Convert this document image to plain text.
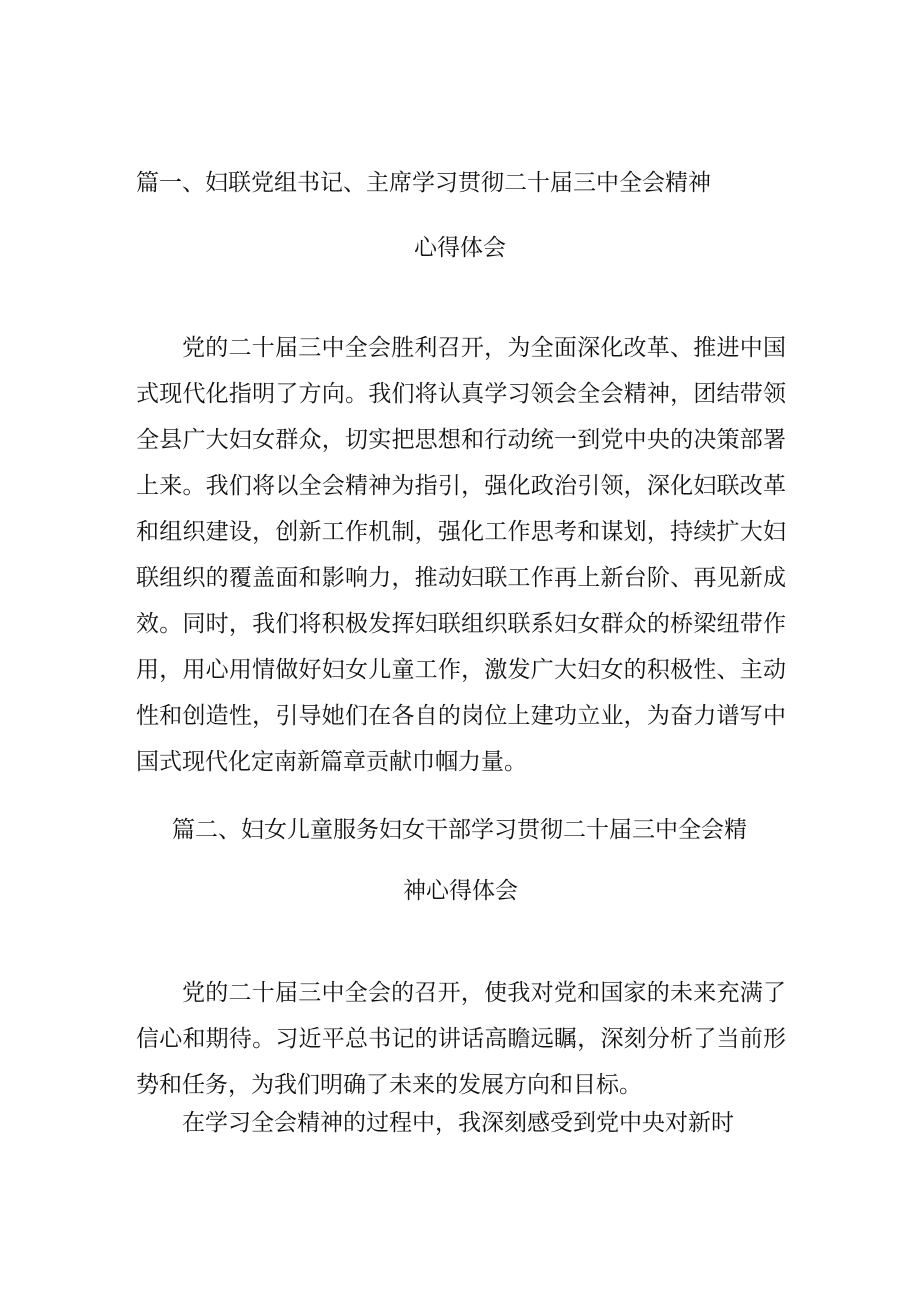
篇一、妇联党组书记、主席学习贯彻二十届三中全会精神
心得体会

党的二十届三中全会胜利召开，为全面深化改革、推进中国式现代化指明了方向。我们将认真学习领会全会精神，团结带领全县广大妇女群众，切实把思想和行动统一到党中央的决策部署上来。我们将以全会精神为指引，强化政治引领，深化妇联改革和组织建设，创新工作机制，强化工作思考和谋划，持续扩大妇联组织的覆盖面和影响力，推动妇联工作再上新台阶、再见新成效。同时，我们将积极发挥妇联组织联系妇女群众的桥梁纽带作用，用心用情做好妇女儿童工作，激发广大妇女的积极性、主动性和创造性，引导她们在各自的岗位上建功立业，为奋力谱写中国式现代化定南新篇章贡献巾帼力量。

篇二、妇女儿童服务妇女干部学习贯彻二十届三中全会精
神心得体会

党的二十届三中全会的召开，使我对党和国家的未来充满了信心和期待。习近平总书记的讲话高瞻远瞩，深刻分析了当前形势和任务，为我们明确了未来的发展方向和目标。

在学习全会精神的过程中，我深刻感受到党中央对新时
